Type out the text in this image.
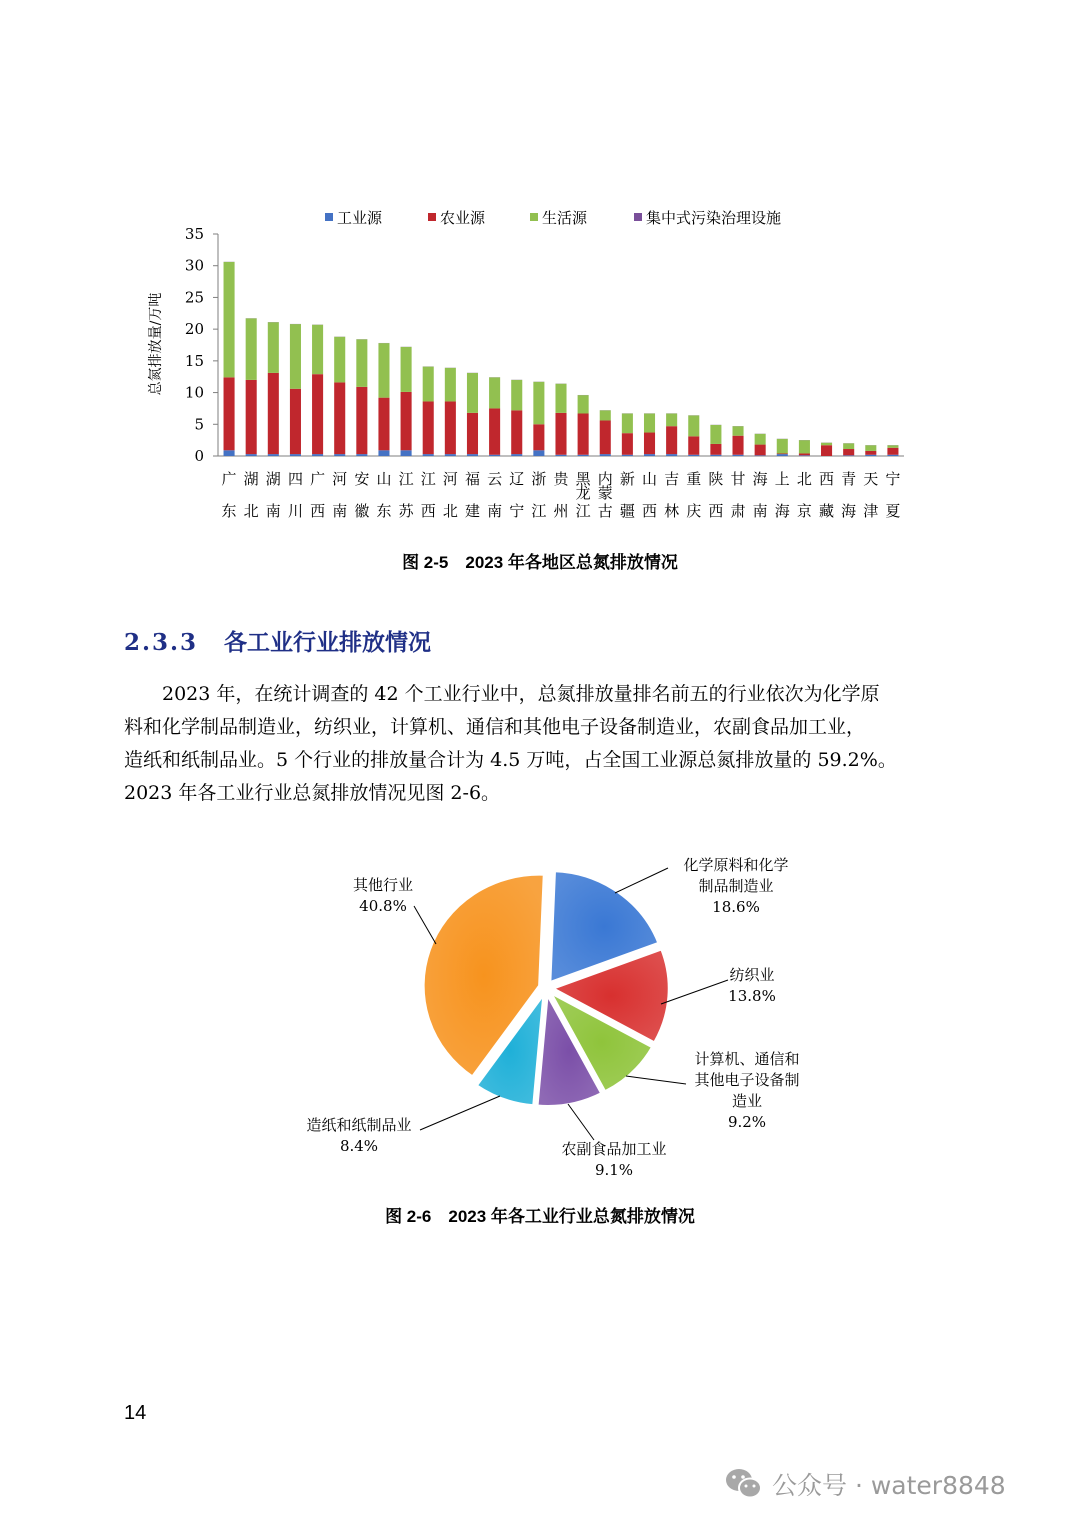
0
5
10
15
20
25
30
35
总氮排放量/万吨
广
东
湖
北
湖
南
四
川
广
西
河
南
安
徽
山
东
江
苏
江
西
河
北
福
建
云
南
辽
宁
浙
江
贵
州
黑
龙
江
内
蒙
古
新
疆
山
西
吉
林
重
庆
陕
西
甘
肃
海
南
上
海
北
京
西
藏
青
海
天
津
宁
夏
工业源	农业源	生活源	集中式污染治理设施
图 2-5　2023 年各地区总氮排放情况
2.3.3 各工业行业排放情况
　　2023 年，在统计调查的 42 个工业行业中，总氮排放量排名前五的行业依次为化学原
料和化学制品制造业，纺织业，计算机、通信和其他电子设备制造业，农副食品加工业，
造纸和纸制品业。5 个行业的排放量合计为 4.5 万吨，占全国工业源总氮排放量的 59.2%。
2023 年各工业行业总氮排放情况见图 2-6。
化学原料和化学
制品制造业
18.6%
纺织业
13.8%
计算机、通信和
其他电子设备制
造业
9.2%
农副食品加工业
9.1%
造纸和纸制品业
8.4%
其他行业
40.8%
图 2-6　2023 年各工业行业总氮排放情况
14
公众号 · water8848
